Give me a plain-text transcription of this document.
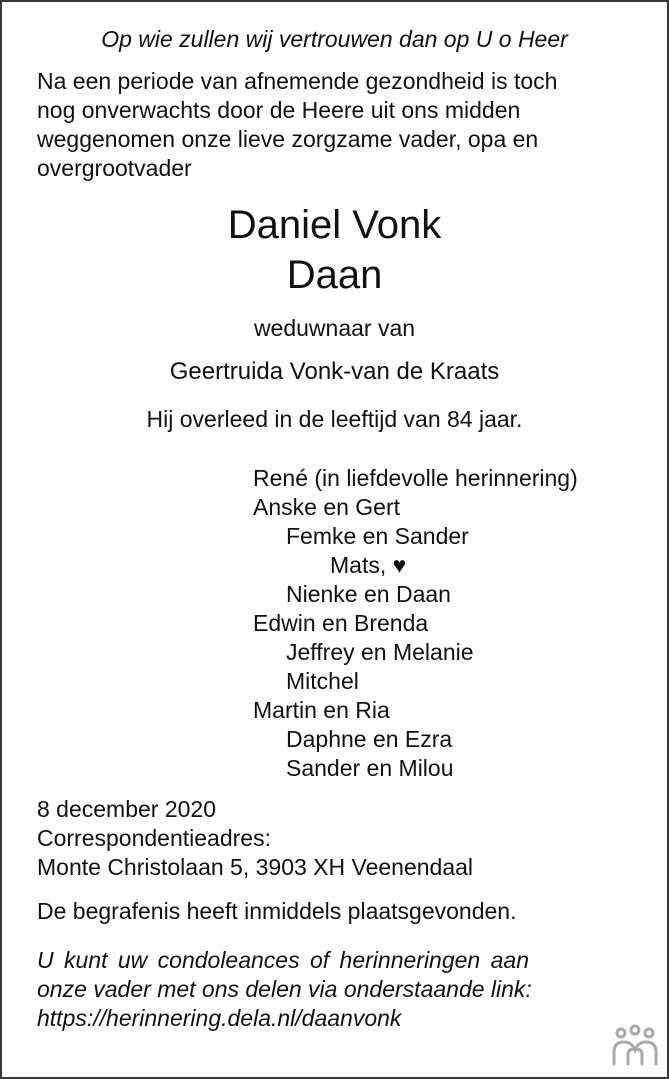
Op wie zullen wij vertrouwen dan op U o Heer
Na een periode van afnemende gezondheid is toch
nog onverwachts door de Heere uit ons midden
weggenomen onze lieve zorgzame vader, opa en
overgrootvader
Daniel Vonk
Daan
weduwnaar van
Geertruida Vonk-van de Kraats
Hij overleed in de leeftijd van 84 jaar.
René (in liefdevolle herinnering)
Anske en Gert
Femke en Sander
Mats, ♥
Nienke en Daan
Edwin en Brenda
Jeffrey en Melanie
Mitchel
Martin en Ria
Daphne en Ezra
Sander en Milou
8 december 2020
Correspondentieadres:
Monte Christolaan 5, 3903 XH Veenendaal
De begrafenis heeft inmiddels plaatsgevonden.
U kunt uw condoleances of herinneringen aan
onze vader met ons delen via onderstaande link:
https://herinnering.dela.nl/daanvonk
